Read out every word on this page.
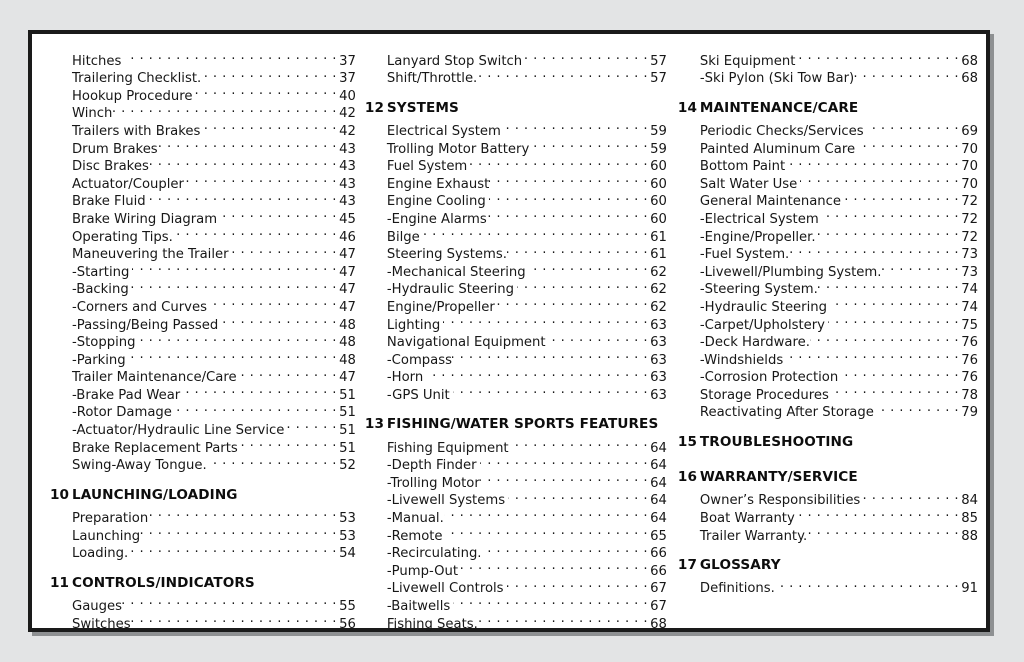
Hitches . . .	37
Trailering Checklist. . . .	37
Hookup Procedure . . .	40
Winch . . .	42
Trailers with Brakes . . .	42
Drum Brakes . . .	43
Disc Brakes . . .	43
Actuator/Coupler . . .	43
Brake Fluid . . .	43
Brake Wiring Diagram . . .	45
Operating Tips. . . .	46
Maneuvering the Trailer . . .	47
-Starting . . .	47
-Backing . . .	47
-Corners and Curves . . .	47
-Passing/Being Passed . . .	48
-Stopping . . .	48
-Parking . . .	48
Trailer Maintenance/Care . . .	47
-Brake Pad Wear . . .	51
-Rotor Damage . . .	51
-Actuator/Hydraulic Line Service . . .	51
Brake Replacement Parts . . .	51
Swing-Away Tongue. . . .	52
10 LAUNCHING/LOADING
Preparation . . .	53
Launching . . .	53
Loading. . . .	54
11 CONTROLS/INDICATORS
Gauges . . .	55
Switches . . .	56
Lanyard Stop Switch . . .	57
Shift/Throttle. . . .	57
12 SYSTEMS
Electrical System . . .	59
Trolling Motor Battery . . .	59
Fuel System . . .	60
Engine Exhaust . . .	60
Engine Cooling . . .	60
-Engine Alarms . . .	60
Bilge . . .	61
Steering Systems. . . .	61
-Mechanical Steering . . .	62
-Hydraulic Steering . . .	62
Engine/Propeller . . .	62
Lighting . . .	63
Navigational Equipment . . .	63
-Compass . . .	63
-Horn . . .	63
-GPS Unit . . .	63
13 FISHING/WATER SPORTS FEATURES
Fishing Equipment . . .	64
-Depth Finder . . .	64
-Trolling Motor . . .	64
-Livewell Systems . . .	64
-Manual. . . .	64
-Remote . . .	65
-Recirculating. . . .	66
-Pump-Out . . .	66
-Livewell Controls . . .	67
-Baitwells . . .	67
Fishing Seats. . . .	68
Ski Equipment . . .	68
-Ski Pylon (Ski Tow Bar) . . .	68
14 MAINTENANCE/CARE
Periodic Checks/Services . . .	69
Painted Aluminum Care . . .	70
Bottom Paint . . .	70
Salt Water Use . . .	70
General Maintenance . . .	72
-Electrical System . . .	72
-Engine/Propeller. . . .	72
-Fuel System. . . .	73
-Livewell/Plumbing System. . . .	73
-Steering System. . . .	74
-Hydraulic Steering . . .	74
-Carpet/Upholstery . . .	75
-Deck Hardware. . . .	76
-Windshields . . .	76
-Corrosion Protection . . .	76
Storage Procedures . . .	78
Reactivating After Storage . . .	79
15 TROUBLESHOOTING
16 WARRANTY/SERVICE
Owner’s Responsibilities . . .	84
Boat Warranty . . .	85
Trailer Warranty. . . .	88
17 GLOSSARY
Definitions. . . .	91
